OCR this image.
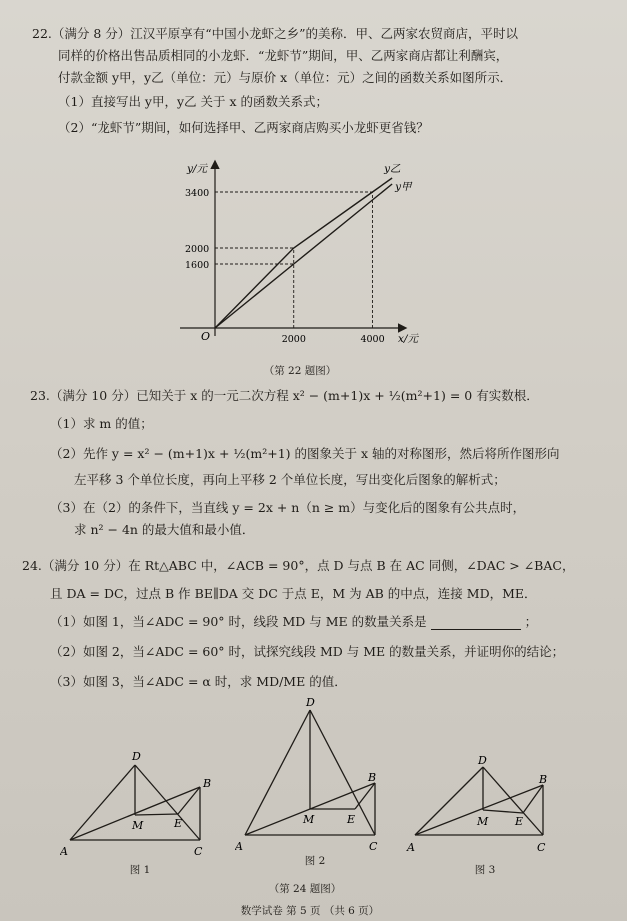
22.（满分 8 分）江汉平原享有“中国小龙虾之乡”的美称．甲、乙两家农贸商店，平时以
同样的价格出售品质相同的小龙虾．“龙虾节”期间，甲、乙两家商店都让利酬宾，
付款金额 y甲，y乙（单位：元）与原价 x（单位：元）之间的函数关系如图所示．
（1）直接写出 y甲，y乙 关于 x 的函数关系式；
（2）“龙虾节”期间，如何选择甲、乙两家商店购买小龙虾更省钱？
y/元
x/元
O
1600
2000
3400
2000	4000
y乙
y甲
（第 22 题图）
23.（满分 10 分）已知关于 x 的一元二次方程 x² − (m+1)x + ½(m²+1) = 0 有实数根．
（1）求 m 的值；
（2）先作 y = x² − (m+1)x + ½(m²+1) 的图象关于 x 轴的对称图形，然后将所作图形向
左平移 3 个单位长度，再向上平移 2 个单位长度，写出变化后图象的解析式；
（3）在（2）的条件下，当直线 y = 2x + n（n ≥ m）与变化后的图象有公共点时，
求 n² − 4n 的最大值和最小值．
24.（满分 10 分）在 Rt△ABC 中，∠ACB = 90°，点 D 与点 B 在 AC 同侧，∠DAC > ∠BAC，
且 DA = DC，过点 B 作 BE∥DA 交 DC 于点 E，M 为 AB 的中点，连接 MD，ME．
（1）如图 1，当∠ADC = 90° 时，线段 MD 与 ME 的数量关系是	；
（2）如图 2，当∠ADC = 60° 时，试探究线段 MD 与 ME 的数量关系，并证明你的结论；
（3）如图 3，当∠ADC = α 时，求 MD/ME 的值．
A
D
B
C
M	E
图 1
A
D
B
C
M	E
图 2
A
D
B
C
M E
图 3
（第 24 题图）
数学试卷 第 5 页 （共 6 页）
